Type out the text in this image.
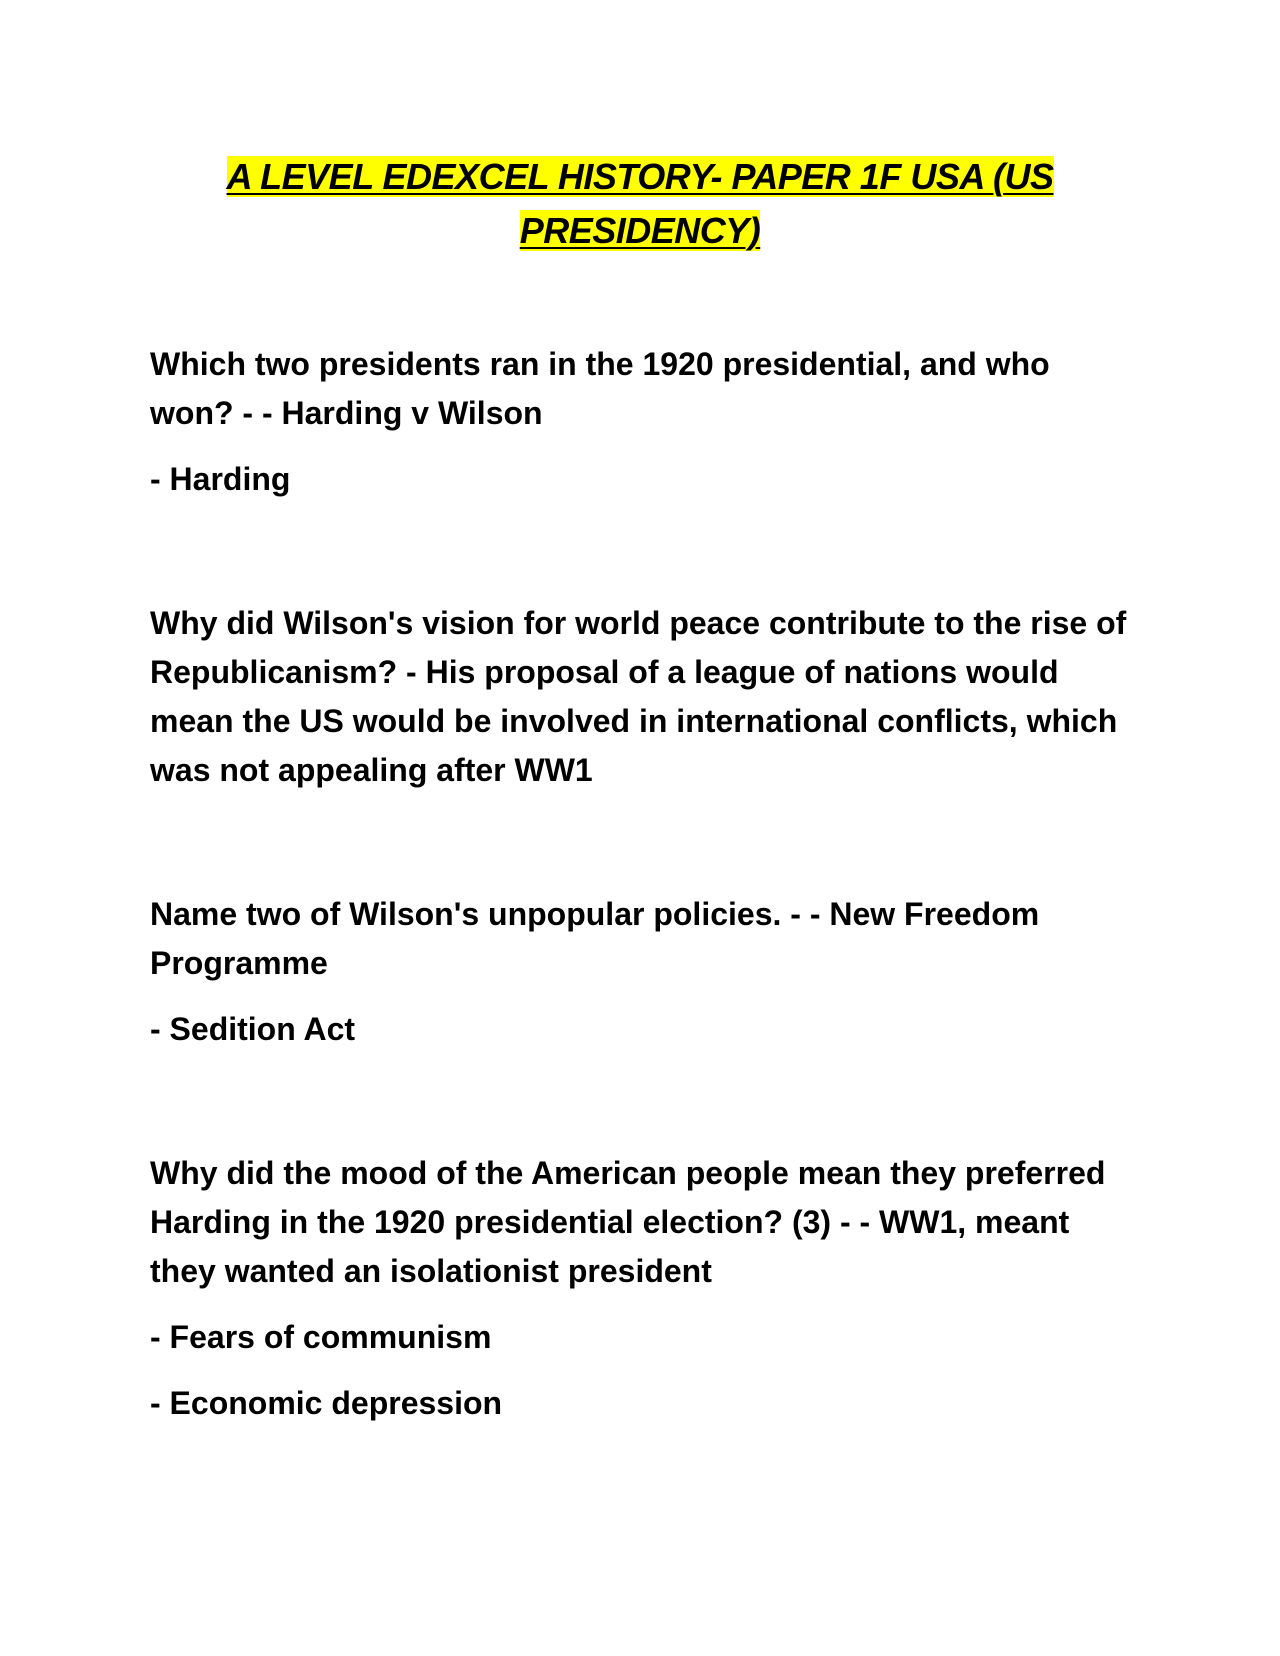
A LEVEL EDEXCEL HISTORY- PAPER 1F USA (US
PRESIDENCY)

Which two presidents ran in the 1920 presidential, and who won? - - Harding v Wilson

- Harding

Why did Wilson's vision for world peace contribute to the rise of Republicanism? - His proposal of a league of nations would mean the US would be involved in international conflicts, which was not appealing after WW1

Name two of Wilson's unpopular policies. - - New Freedom Programme

- Sedition Act

Why did the mood of the American people mean they preferred Harding in the 1920 presidential election? (3) - - WW1, meant they wanted an isolationist president

- Fears of communism

- Economic depression
